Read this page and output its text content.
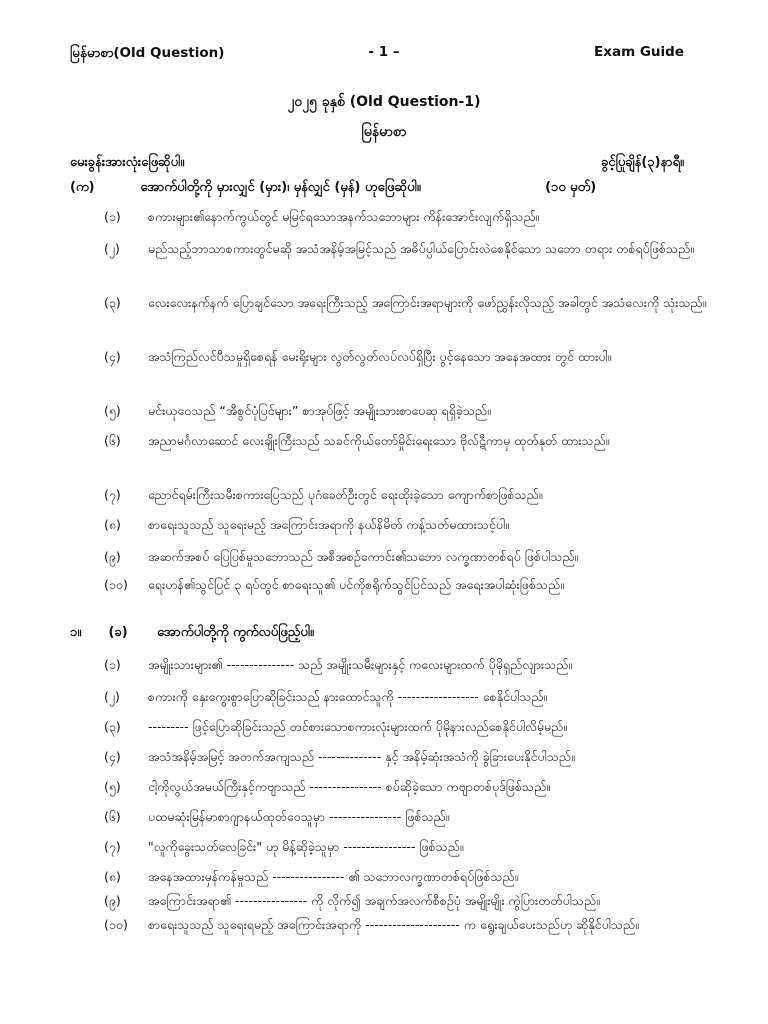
မြန်မာစာ(Old Question)	- 1 –	Exam Guide
၂၀၂၅ ခုနှစ် (Old Question-1)
မြန်မာစာ
မေးခွန်းအားလုံးဖြေဆိုပါ။	ခွင့်ပြုချိန်(၃)နာရီ။
(က)	အောက်ပါတို့ကို မှားလျှင် (မှား)၊ မှန်လျှင် (မှန်) ဟုဖြေဆိုပါ။	(၁၀ မှတ်)
(၁)	စကားများ၏နောက်ကွယ်တွင် မမြင်ရသောအနက်သဘောများ ကိန်းအောင်းလျက်ရှိသည်။
(၂)	မည်သည့်ဘာသာစကားတွင်မဆို အသံအနိမ့်အမြင့်သည် အဓိပ်ပ္ပါယ်ပြောင်းလဲစေနိုင်သော သဘော တရား တစ်ရပ်ဖြစ်သည်။
(၃)	လေးလေးနက်နက် ပြောချင်သော အရေးကြီးသည့် အကြောင်းအရာများကို ဖော်ညွှန်းလိုသည့် အခါတွင် အသံလေးကို သုံးသည်။
(၄)	အသံကြည်လင်ပီသမှုရှိစေရန် မေးရိုးများ လွတ်လွတ်လပ်လပ်ရှိပြီး ပွင့်နေသော အနေအထား တွင် ထားပါ။
(၅)	မင်းယုဝေသည် “အီစွင်ပုံပြင်များ” စာအုပ်ဖြင့် အမျိုးသားစာပေဆု ရရှိခဲ့သည်။
(၆)	အညာမင်္ဂလာဆောင် လေးချိုးကြီးသည် သခင်ကိုယ်တော်မှိုင်းရေးသော ဗိုလ်ဋီကာမှ ထုတ်နုတ် ထားသည်။
(၇)	ညောင်ရမ်းကြီးသမီးစကားပြေသည် ပုဂံခေတ်ဦးတွင် ရေးထိုးခဲ့သော ကျောက်စာဖြစ်သည်။
(၈)	စာရေးသူသည် သူရေးမည့် အကြောင်းအရာကို နယ်နိမိတ် ကန့်သတ်မထားသင့်ပါ။
(၉)	အဆက်အစပ် ပြေပြစ်မှုသဘောသည် အစီအစဉ်ကောင်း၏သဘော လက္ခဏာတစ်ရပ် ဖြစ်ပါသည်။
(၁၀)	ရေးဟန်၏သွင်ပြင် ၃ ရပ်တွင် စာရေးသူ၏ ပင်ကိုစရိုက်သွင်ပြင်သည် အရေးအပါဆုံးဖြစ်သည်။
၁။ (ခ) အောက်ပါတို့ကို ကွက်လပ်ဖြည့်ပါ။
(၁)	အမျိုးသားများ၏ --------------- သည် အမျိုးသမီးများနှင့် ကလေးများထက် ပိုမိုရှည်လျားသည်။
(၂)	စကားကို နှေးကွေးစွာပြောဆိုခြင်းသည် နားထောင်သူကို ------------------ စေနိုင်ပါသည်။
(၃)	--------- ဖြင့်ပြောဆိုခြင်းသည် တင်စားသောစကားလုံးများထက် ပိုမိုနားလည်စေနိုင်ပါလိမ့်မည်။
(၄)	အသံအနိမ့်အမြင့် အတက်အကျသည် -------------- နှင့် အနိမ့်ဆုံးအသံကို ခွဲခြားပေးနိုင်ပါသည်။
(၅)	ငါ့ကိုလွယ်အမယ်ကြီးနှင့်ကဗျာသည် ---------------- စပ်ဆိုခဲ့သော ကဗျာတစ်ပုဒ်ဖြစ်သည်။
(၆)	ပထမဆုံးမြန်မာစာဂျာနယ်ထုတ်ဝေသူမှာ ---------------- ဖြစ်သည်။
(၇)	"လူကိုခွေးသတ်လေခြင်း" ဟု မိန့်ဆိုခဲ့သူမှာ ---------------- ဖြစ်သည်။
(၈)	အနေအထားမှန်ကန်မှုသည် ---------------- ၏ သဘောလက္ခဏာတစ်ရပ်ဖြစ်သည်။
(၉)	အကြောင်းအရာ၏ ---------------- ကို လိုက်၍ အချက်အလက်စီစဉ်ပုံ အမျိုးမျိုး ကွဲပြားတတ်ပါသည်။
(၁၀)	စာရေးသူသည် သူရေးရမည့် အကြောင်းအရာကို --------------------- က ရွေးချယ်ပေးသည်ဟု ဆိုနိုင်ပါသည်။
